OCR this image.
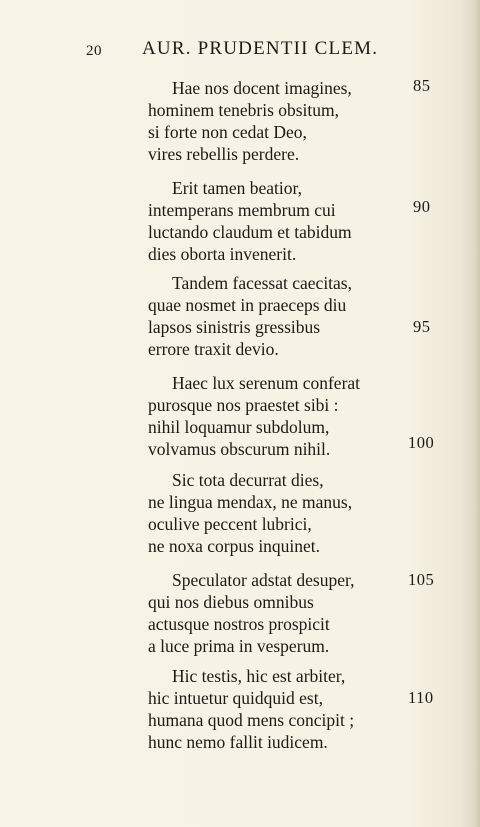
20 AUR. PRUDENTII CLEM.
Hae nos docent imagines,
hominem tenebris obsitum,
si forte non cedat Deo,
vires rebellis perdere.
85
Erit tamen beatior,
intemperans membrum cui
luctando claudum et tabidum
dies oborta invenerit.
90
Tandem facessat caecitas,
quae nosmet in praeceps diu
lapsos sinistris gressibus
errore traxit devio.
95
Haec lux serenum conferat
purosque nos praestet sibi :
nihil loquamur subdolum,
volvamus obscurum nihil.	100
Sic tota decurrat dies,
ne lingua mendax, ne manus,
oculive peccent lubrici,
ne noxa corpus inquinet.
Speculator adstat desuper,
qui nos diebus omnibus
actusque nostros prospicit
a luce prima in vesperum.
105
Hic testis, hic est arbiter,
hic intuetur quidquid est,
humana quod mens concipit ;
hunc nemo fallit iudicem.
110
